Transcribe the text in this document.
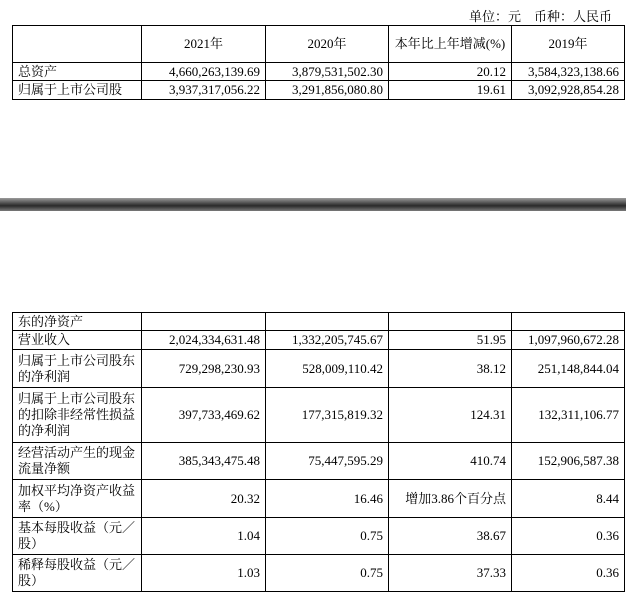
单位：元　币种：人民币
	2021年	2020年	本年比上年增减(%)	2019年
总资产	4,660,263,139.69	3,879,531,502.30	20.12	3,584,323,138.66
归属于上市公司股	3,937,317,056.22	3,291,856,080.80	19.61	3,092,928,854.28
东的净资产				
营业收入	2,024,334,631.48	1,332,205,745.67	51.95	1,097,960,672.28
归属于上市公司股东的净利润	729,298,230.93	528,009,110.42	38.12	251,148,844.04
归属于上市公司股东的扣除非经常性损益的净利润	397,733,469.62	177,315,819.32	124.31	132,311,106.77
经营活动产生的现金流量净额	385,343,475.48	75,447,595.29	410.74	152,906,587.38
加权平均净资产收益率（%）	20.32	16.46	增加3.86个百分点	8.44
基本每股收益（元／股）	1.04	0.75	38.67	0.36
稀释每股收益（元／股）	1.03	0.75	37.33	0.36
